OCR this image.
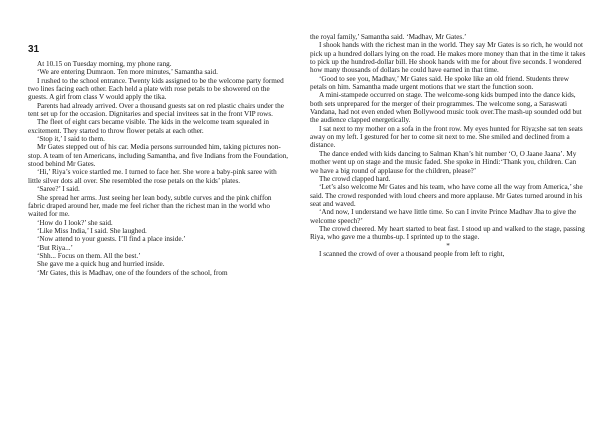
31

At 10.15 on Tuesday morning, my phone rang.

‘We are entering Dumraon. Ten more minutes,’ Samantha said.

I rushed to the school entrance. Twenty kids assigned to be the welcome party formed two lines facing each other. Each held a plate with rose petals to be showered on the guests. A girl from class V would apply the tika.

Parents had already arrived. Over a thousand guests sat on red plastic chairs under the tent set up for the occasion. Dignitaries and special invitees sat in the front VIP rows.

The fleet of eight cars became visible. The kids in the welcome team squealed in excitement. They started to throw flower petals at each other.

‘Stop it,’ I said to them.

Mr Gates stepped out of his car. Media persons surrounded him, taking pictures non-stop. A team of ten Americans, including Samantha, and five Indians from the Foundation, stood behind Mr Gates.

‘Hi,’ Riya’s voice startled me. I turned to face her. She wore a baby-pink saree with little silver dots all over. She resembled the rose petals on the kids’ plates.

‘Saree?’ I said.

She spread her arms. Just seeing her lean body, subtle curves and the pink chiffon fabric draped around her, made me feel richer than the richest man in the world who waited for me.

‘How do I look?’ she said.

‘Like Miss India,’ I said. She laughed.

‘Now attend to your guests. I’ll find a place inside.’

‘But Riya...’

‘Shh... Focus on them. All the best.’

She gave me a quick hug and hurried inside.

‘Mr Gates, this is Madhav, one of the founders of the school, from

the royal family,’ Samantha said. ‘Madhav, Mr Gates.’

I shook hands with the richest man in the world. They say Mr Gates is so rich, he would not pick up a hundred dollars lying on the road. He makes more money than that in the time it takes to pick up the hundred-dollar bill. He shook hands with me for about five seconds. I wondered how many thousands of dollars he could have earned in that time.

‘Good to see you, Madhav,’ Mr Gates said. He spoke like an old friend. Students threw petals on him. Samantha made urgent motions that we start the function soon.

A mini-stampede occurred on stage. The welcome-song kids bumped into the dance kids, both sets unprepared for the merger of their programmes. The welcome song, a Saraswati Vandana, had not even ended when Bollywood music took over.The mash-up sounded odd but the audience clapped energetically.

I sat next to my mother on a sofa in the front row. My eyes hunted for Riya;she sat ten seats away on my left. I gestured for her to come sit next to me. She smiled and declined from a distance.

The dance ended with kids dancing to Salman Khan’s hit number ‘O, O Jaane Jaana’. My mother went up on stage and the music faded. She spoke in Hindi:‘Thank you, children. Can we have a big round of applause for the children, please?’

The crowd clapped hard.

‘Let’s also welcome Mr Gates and his team, who have come all the way from America,’ she said. The crowd responded with loud cheers and more applause. Mr Gates turned around in his seat and waved.

‘And now, I understand we have little time. So can I invite Prince Madhav Jha to give the welcome speech?’

The crowd cheered. My heart started to beat fast. I stood up and walked to the stage, passing Riya, who gave me a thumbs-up. I sprinted up to the stage.

*

I scanned the crowd of over a thousand people from left to right,
